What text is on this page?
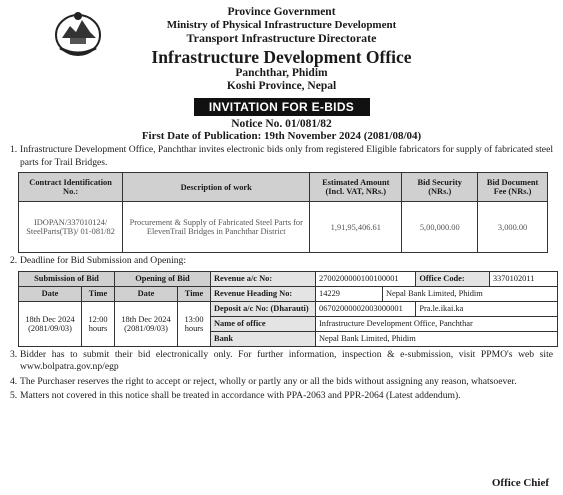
Province Government
Ministry of Physical Infrastructure Development
Transport Infrastructure Directorate
Infrastructure Development Office
Panchthar, Phidim
Koshi Province, Nepal
INVITATION FOR E-BIDS
Notice No. 01/081/82
First Date of Publication: 19th November 2024 (2081/08/04)
1. Infrastructure Development Office, Panchthar invites electronic bids only from registered Eligible fabricators for supply of fabricated steel parts for Trail Bridges.
Contract Identification No.:	Description of work	Estimated Amount (Incl. VAT, NRs.)	Bid Security (NRs.)	Bid Document Fee (NRs.)
IDOPAN/337010124/ SteelParts(TB)/ 01-081/82	Procurement & Supply of Fabricated Steel Parts for ElevenTrail Bridges in Panchthar District	1,91,95,406.61	5,00,000.00	3,000.00
2. Deadline for Bid Submission and Opening:
Submission of Bid		Opening of Bid		Revenue a/c No:	2700200000100100001		Office Code:	3370102011
Date	Time	Date	Time	Revenue Heading No:	14229	Nepal Bank Limited, Phidim		
18th Dec 2024 (2081/09/03)	12:00 hours	18th Dec 2024 (2081/09/03)	13:00 hours	Deposit a/c No: (Dharauti)	06702000002003000001		Pra.le.ikai.ka	
				Name of office	Infrastructure Development Office, Panchthar			
				Bank	Nepal Bank Limited, Phidim			
3. Bidder has to submit their bid electronically only. For further information, inspection & e-submission, visit PPMO's web site www.bolpatra.gov.np/egp
4. The Purchaser reserves the right to accept or reject, wholly or partly any or all the bids without assigning any reason, whatsoever.
5. Matters not covered in this notice shall be treated in accordance with PPA-2063 and PPR-2064 (Latest addendum).
Office Chief
